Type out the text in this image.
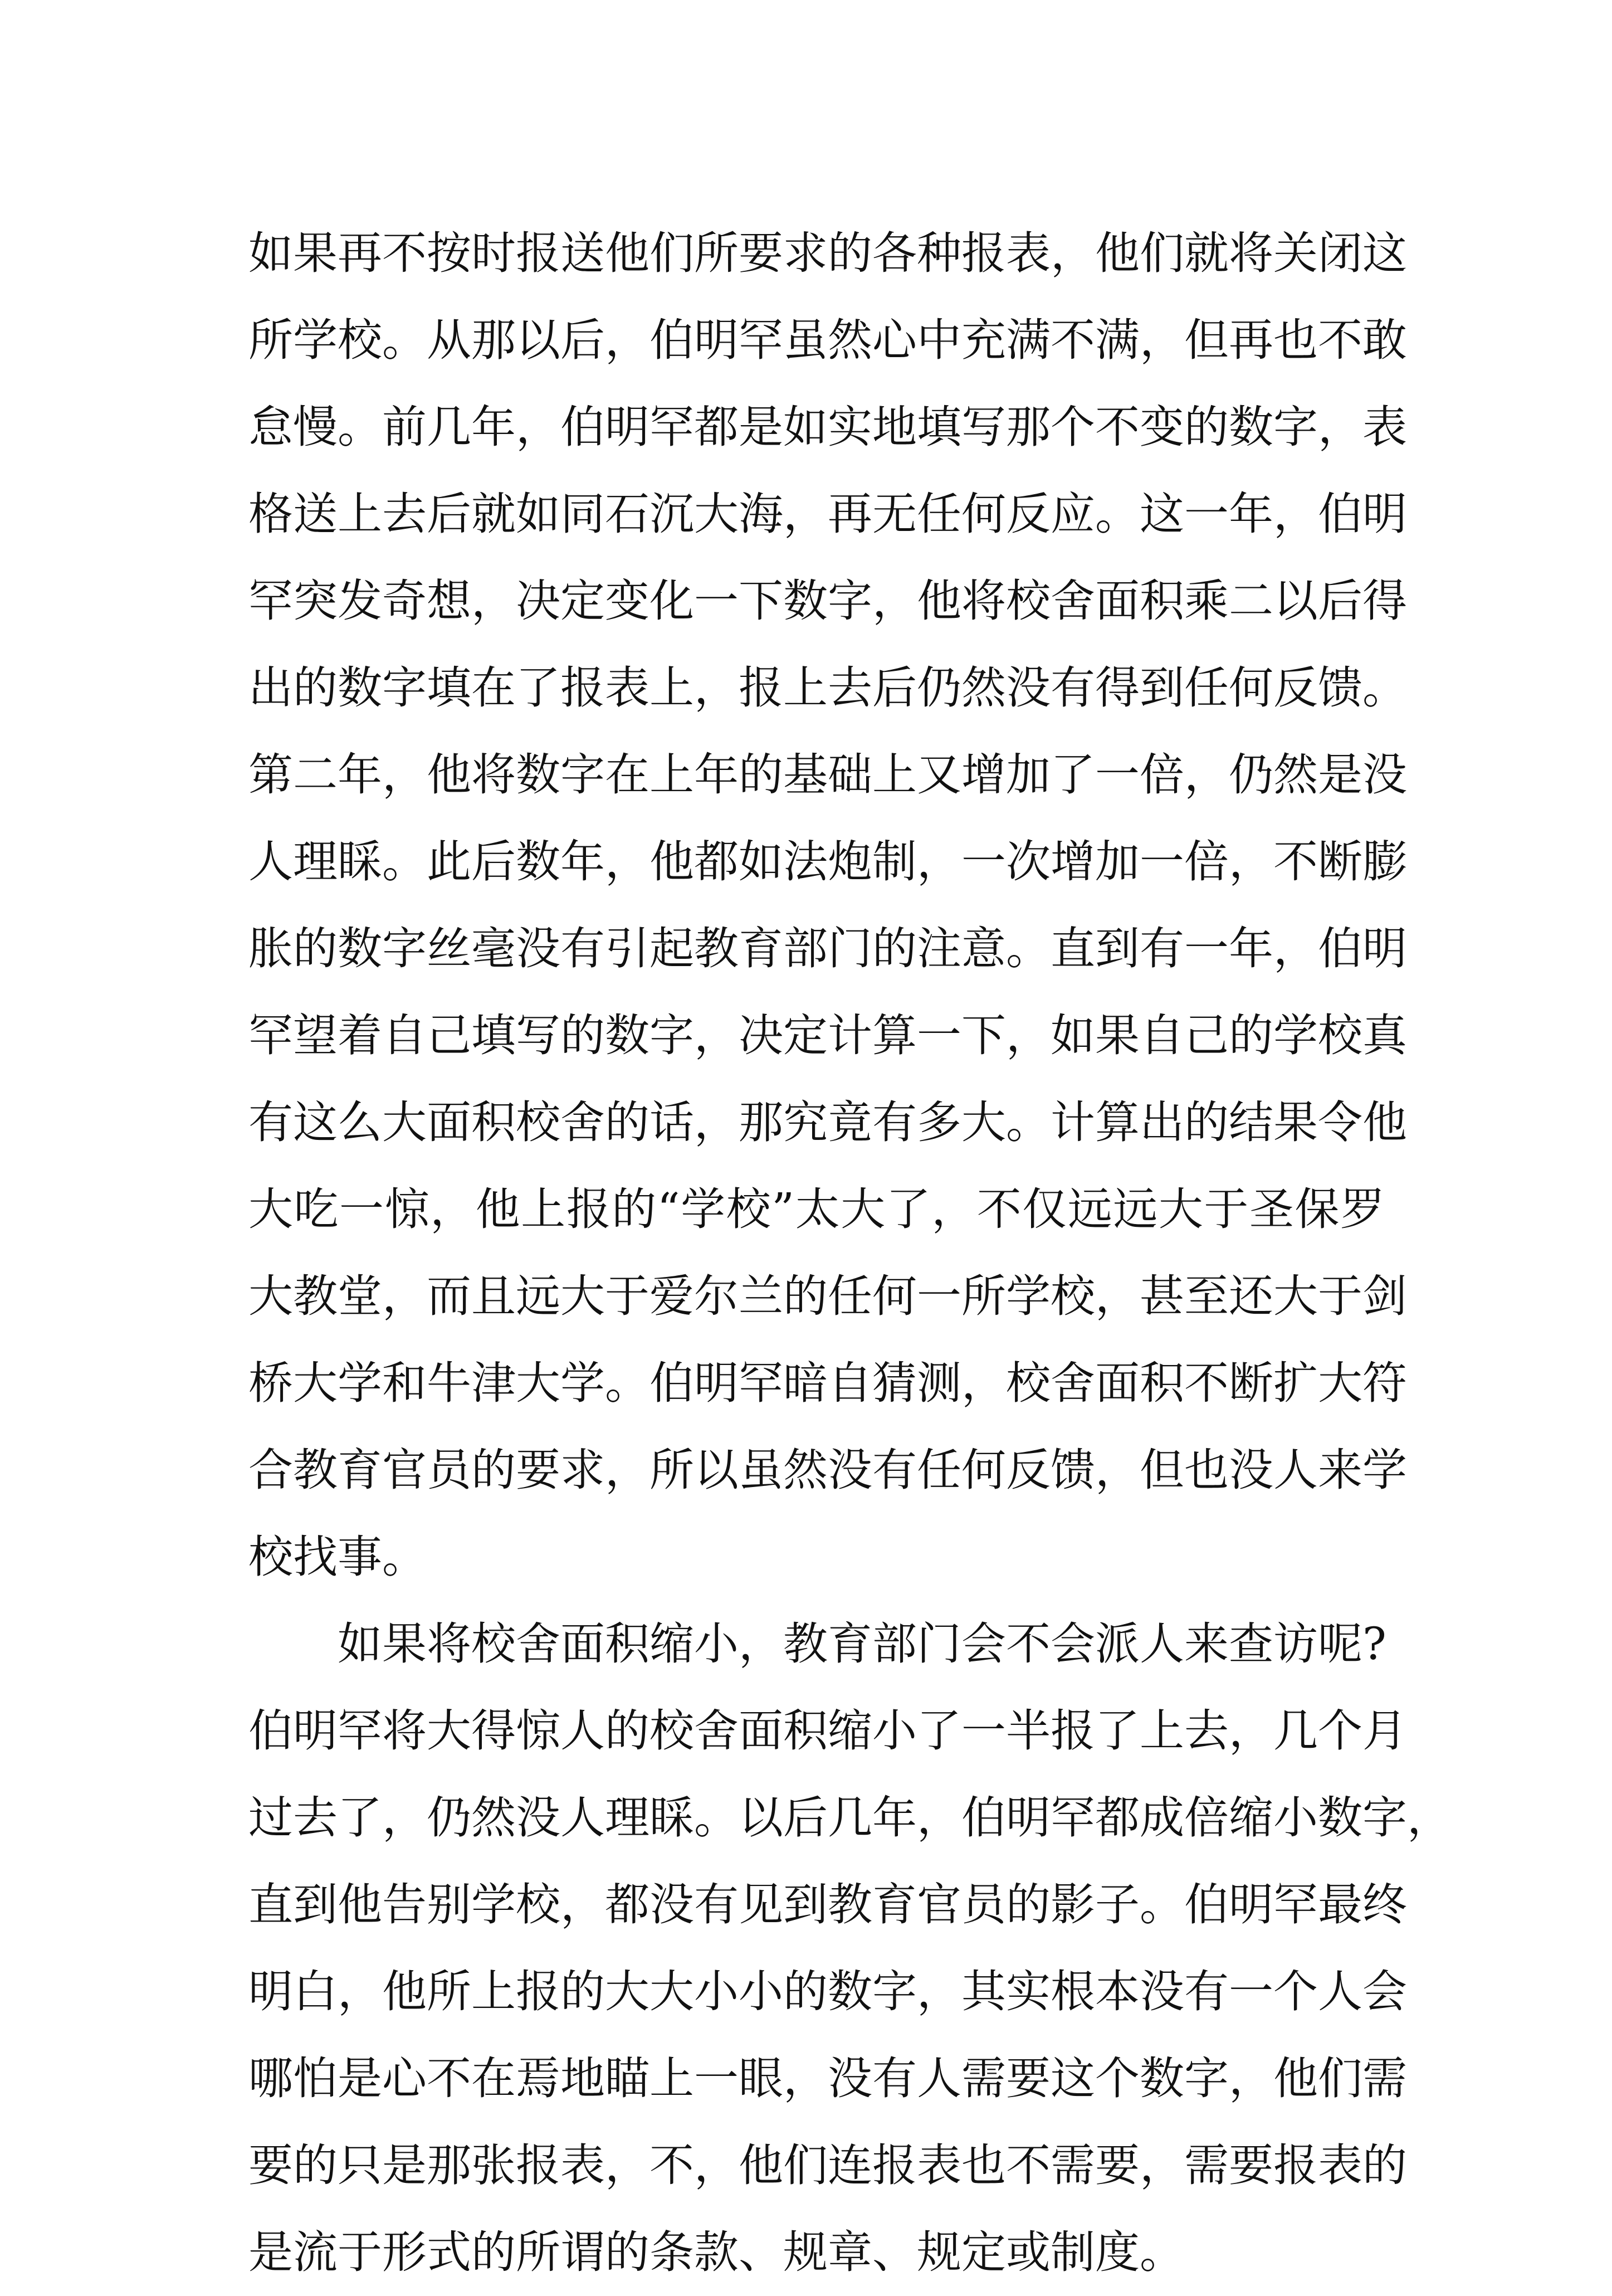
如果再不按时报送他们所要求的各种报表，他们就将关闭这
所学校。从那以后，伯明罕虽然心中充满不满，但再也不敢
怠慢。前几年，伯明罕都是如实地填写那个不变的数字，表
格送上去后就如同石沉大海，再无任何反应。这一年，伯明
罕突发奇想，决定变化一下数字，他将校舍面积乘二以后得
出的数字填在了报表上，报上去后仍然没有得到任何反馈。
第二年，他将数字在上年的基础上又增加了一倍，仍然是没
人理睬。此后数年，他都如法炮制，一次增加一倍，不断膨
胀的数字丝毫没有引起教育部门的注意。直到有一年，伯明
罕望着自己填写的数字，决定计算一下，如果自己的学校真
有这么大面积校舍的话，那究竟有多大。计算出的结果令他
大吃一惊，他上报的“学校”太大了，不仅远远大于圣保罗
大教堂，而且远大于爱尔兰的任何一所学校，甚至还大于剑
桥大学和牛津大学。伯明罕暗自猜测，校舍面积不断扩大符
合教育官员的要求，所以虽然没有任何反馈，但也没人来学
校找事。
如果将校舍面积缩小，教育部门会不会派人来查访呢?
伯明罕将大得惊人的校舍面积缩小了一半报了上去，几个月
过去了，仍然没人理睬。以后几年，伯明罕都成倍缩小数字，
直到他告别学校，都没有见到教育官员的影子。伯明罕最终
明白，他所上报的大大小小的数字，其实根本没有一个人会
哪怕是心不在焉地瞄上一眼，没有人需要这个数字，他们需
要的只是那张报表，不，他们连报表也不需要，需要报表的
是流于形式的所谓的条款、规章、规定或制度。
